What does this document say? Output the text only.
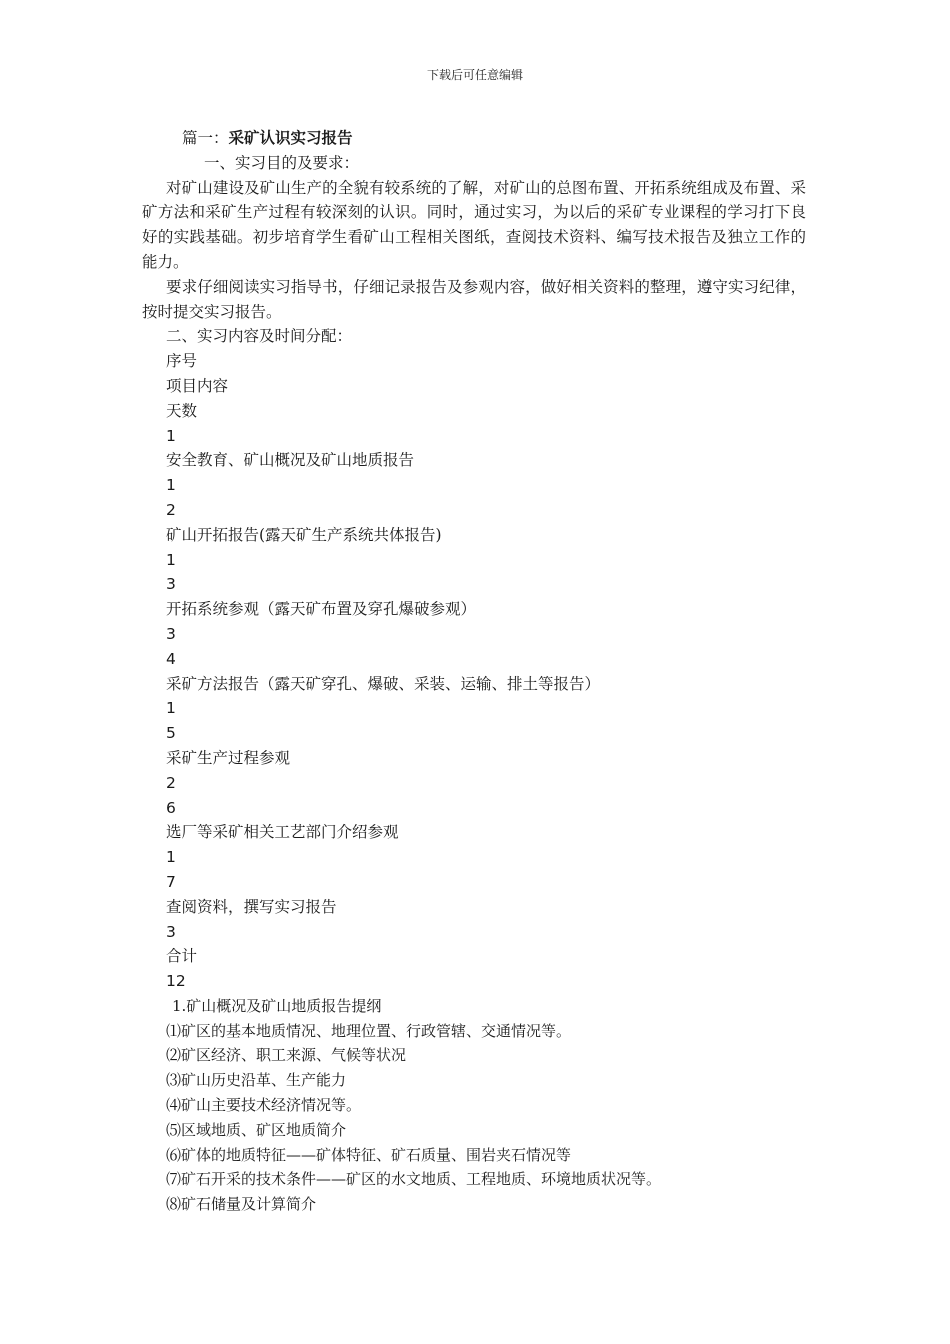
下载后可任意编辑
篇一：采矿认识实习报告
一、实习目的及要求：

对矿山建设及矿山生产的全貌有较系统的了解，对矿山的总图布置、开拓系统组成及布置、采矿方法和采矿生产过程有较深刻的认识。同时，通过实习，为以后的采矿专业课程的学习打下良好的实践基础。初步培育学生看矿山工程相关图纸，查阅技术资料、编写技术报告及独立工作的能力。

要求仔细阅读实习指导书，仔细记录报告及参观内容，做好相关资料的整理，遵守实习纪律，按时提交实习报告。

二、实习内容及时间分配：
序号
项目内容
天数
1
安全教育、矿山概况及矿山地质报告
1
2
矿山开拓报告(露天矿生产系统共体报告)
1
3
开拓系统参观（露天矿布置及穿孔爆破参观）
3
4
采矿方法报告（露天矿穿孔、爆破、采装、运输、排土等报告）
1
5
采矿生产过程参观
2
6
选厂等采矿相关工艺部门介绍参观
1
7
查阅资料，撰写实习报告
3
合计
12
1.矿山概况及矿山地质报告提纲
⑴矿区的基本地质情况、地理位置、行政管辖、交通情况等。
⑵矿区经济、职工来源、气候等状况
⑶矿山历史沿革、生产能力
⑷矿山主要技术经济情况等。
⑸区域地质、矿区地质简介
⑹矿体的地质特征——矿体特征、矿石质量、围岩夹石情况等
⑺矿石开采的技术条件——矿区的水文地质、工程地质、环境地质状况等。
⑻矿石储量及计算简介
